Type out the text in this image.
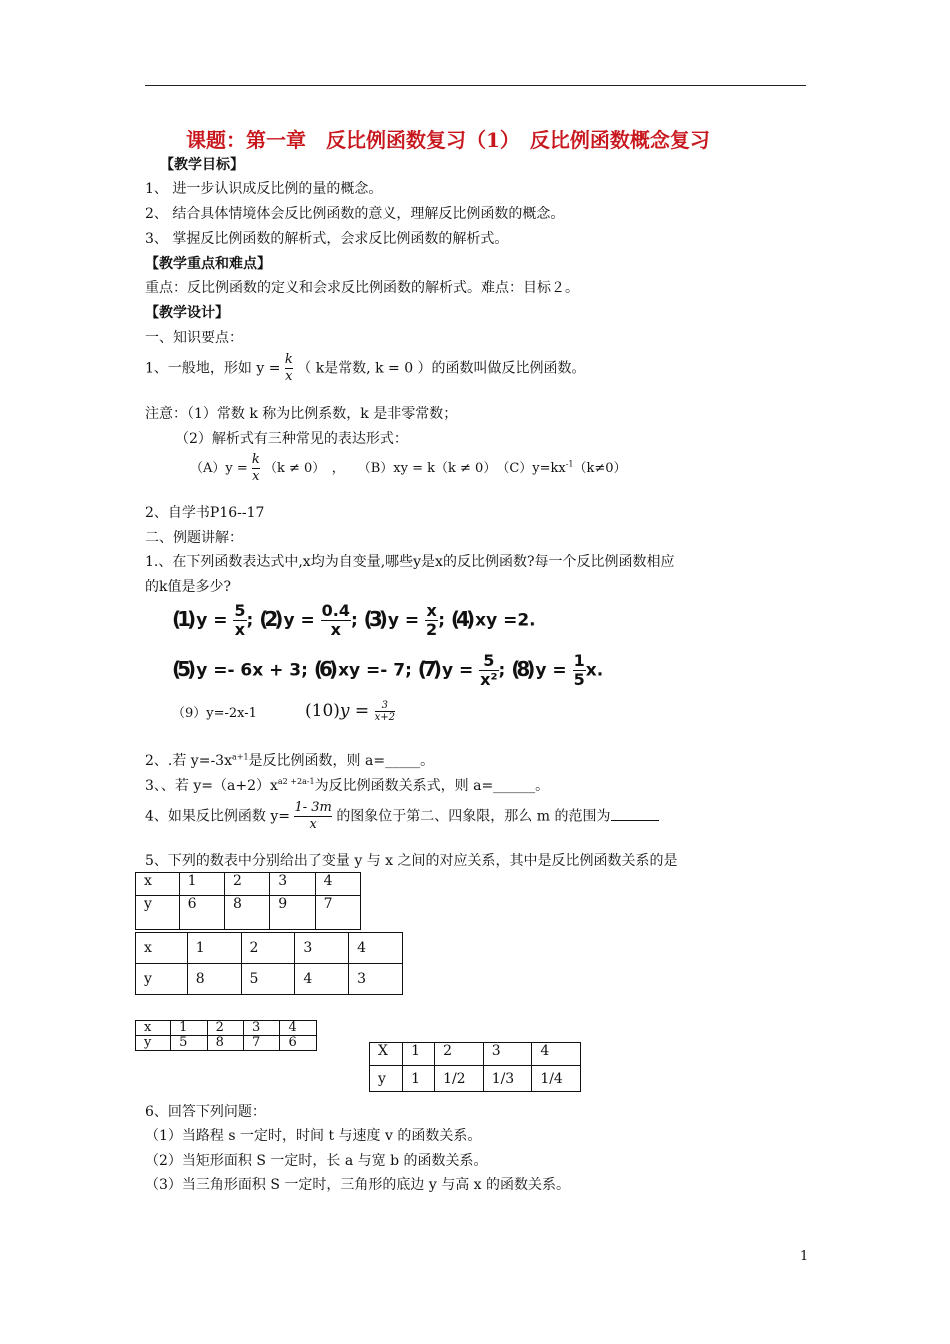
课题：第一章　反比例函数复习（1）　反比例函数概念复习
【教学目标】
1、 进一步认识成反比例的量的概念。
2、 结合具体情境体会反比例函数的意义，理解反比例函数的概念。
3、 掌握反比例函数的解析式，会求反比例函数的解析式。
【教学重点和难点】
重点：反比例函数的定义和会求反比例函数的解析式。难点：目标２。
【教学设计】
一、知识要点：
1、一般地，形如 $y = \frac{k}{x}$ （ k是常数, k = 0 ）的函数叫做反比例函数。
注意：（1）常数 k 称为比例系数，k 是非零常数；
（2）解析式有三种常见的表达形式：
$(A)y = \frac{k}{x} (k \ne 0)$　，　　（B）xy = k（k ≠ 0）　$(C)y=kx^{-1}(k\ne 0)$
2、自学书P16--17
二、例题讲解：
1.、在下列函数表达式中,x均为自变量,哪些y是x的反比例函数?每一个反比例函数相应
的k值是多少?
(1) $y = \frac{5}{x}$ ; (2) $y = \frac{0.4}{x}$ ; (3) $y = \frac{x}{2}$ ; (4) xy =2.
(5) y =- 6x + 3; (6) xy =- 7; (7) $y = \frac{5}{\text{x²}}$ ; (8) $y = \frac{1}{5} x$.
（9）y=-2x-1	$(10)y = \frac{3}{x+2}$
2、.若 $y=-3x^{a+1}$是反比例函数，则 a=_____。
3、、若 $y=(a+2)x^{a2 +2a-1}$为反比例函数关系式，则 a=______。
4、如果反比例函数 $y= \frac{1- 3m}{x}$ 的图象位于第二、四象限，那么 m 的范围为
5、下列的数表中分别给出了变量 y 与 x 之间的对应关系，其中是反比例函数关系的是
x	1	2	3	4
y	6	8	9	7
x	1	2	3	4
y	8	5	4	3
x	1	2	3	4
y	5	8	7	6
X	1	2	3	4
y	1	1/2	1/3	1/4
6、回答下列问题：
（1）当路程 s 一定时，时间 t 与速度 v 的函数关系。
（2）当矩形面积 S 一定时，长 a 与宽 b 的函数关系。
（3）当三角形面积 S 一定时，三角形的底边 y 与高 x 的函数关系。
1
